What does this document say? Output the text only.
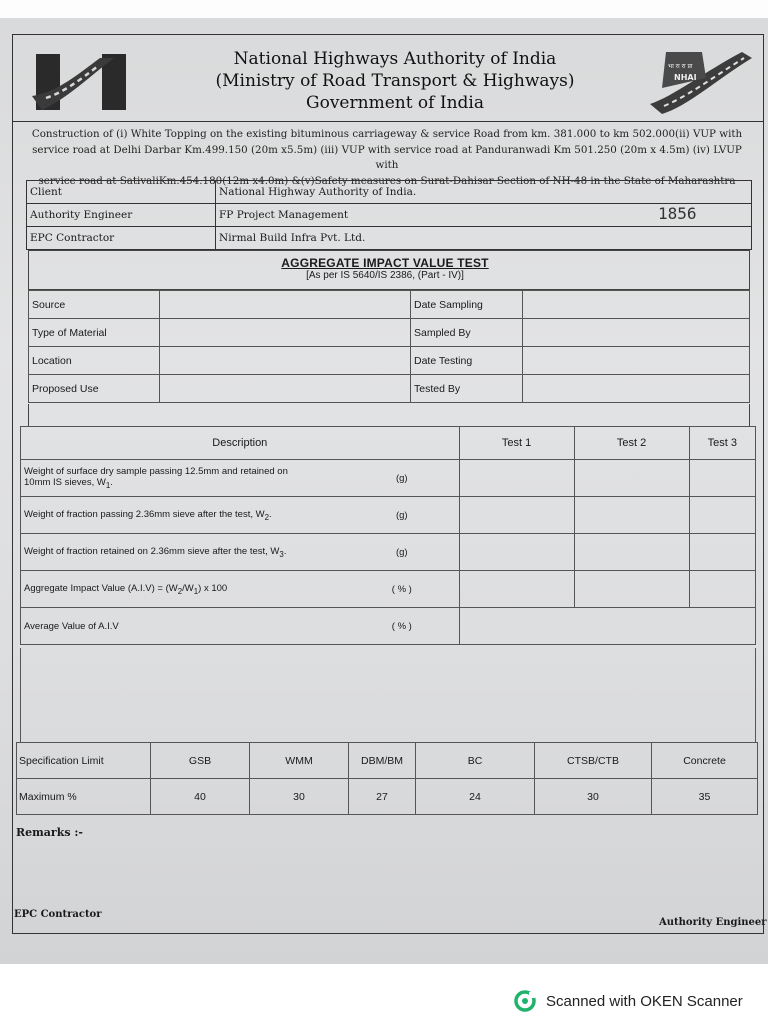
National Highways Authority of India
(Ministry of Road Transport & Highways)
Government of India
भा रा रा प्रा
NHAI
Construction of (i) White Topping on the existing bituminous carriageway & service Road from km. 381.000 to km 502.000(ii) VUP with
service road at Delhi Darbar Km.499.150 (20m x5.5m) (iii) VUP with service road at Panduranwadi Km 501.250 (20m x 4.5m) (iv) LVUP with
service road at SativaliKm.454.180(12m x4.0m) &(v)Safety measures on Surat-Dahisar Section of NH-48 in the State of Maharashtra
Client	National Highway Authority of India.
Authority Engineer	FP Project Management
EPC Contractor	Nirmal Build Infra Pvt. Ltd.
1856
AGGREGATE IMPACT VALUE TEST
[As per IS 5640/IS 2386, (Part - IV)]
Source		Date Sampling	
Type of Material		Sampled By	
Location		Date Testing	
Proposed Use		Tested By	
Description		Test 1	Test 2	Test 3
Weight of surface dry sample passing 12.5mm and retained on
10mm IS sieves, $W_1$.	(g)			
Weight of fraction passing 2.36mm sieve after the test, $W_2$.	(g)			
Weight of fraction retained on 2.36mm sieve after the test, $W_3$.	(g)			
Aggregate Impact Value $(A.I.V) = (W_2/W_1)$ x 100	( % )			
Average Value of A.I.V	( % )			
Specification Limit	GSB	WMM	DBM/BM	BC	CTSB/CTB	Concrete
Maximum %	40	30	27	24	30	35
Remarks :-
EPC Contractor
Authority Engineer
Scanned with OKEN Scanner
